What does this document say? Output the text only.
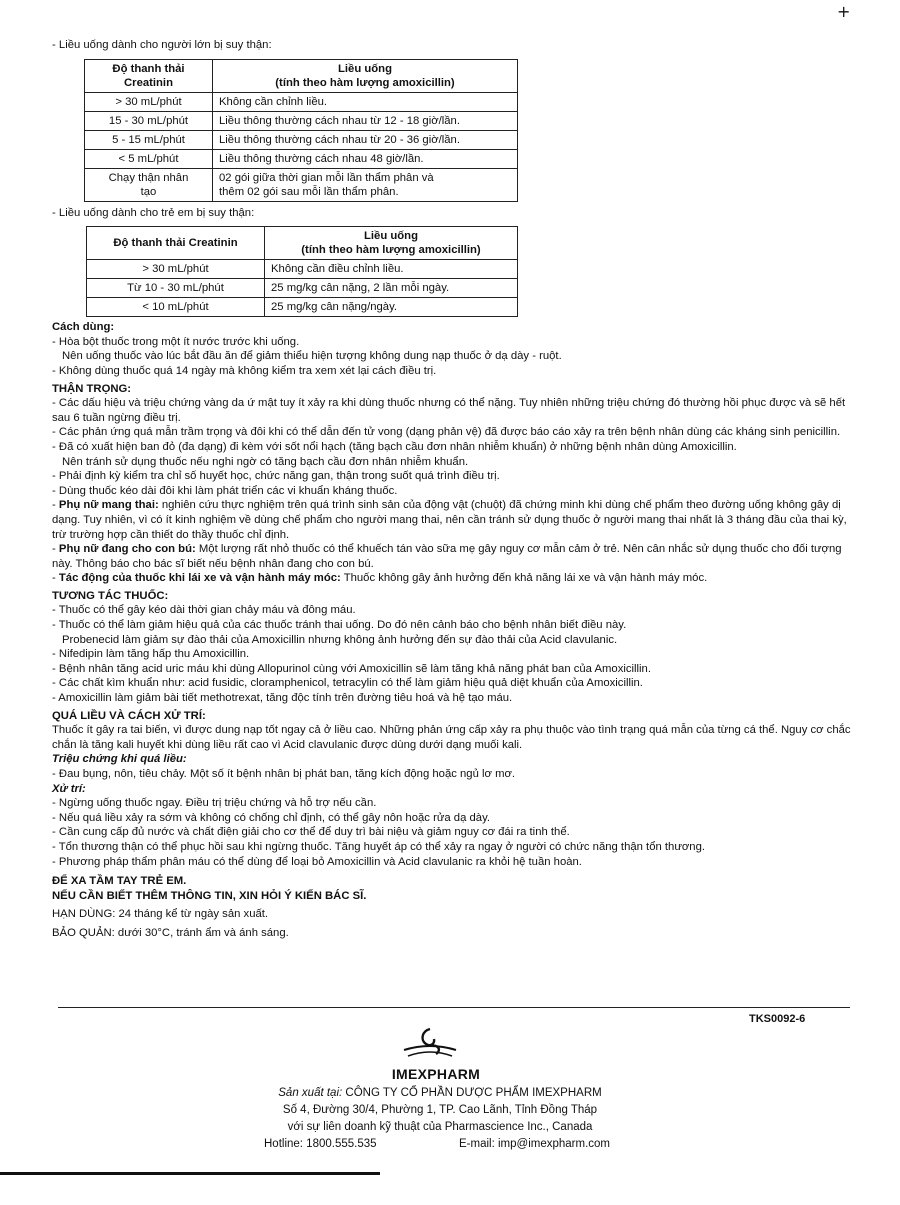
+

- Liều uống dành cho người lớn bị suy thận:

Độ thanh thải
Creatinin	Liều uống
(tính theo hàm lượng amoxicillin)
> 30 mL/phút	Không cần chỉnh liều.
15 - 30 mL/phút	Liều thông thường cách nhau từ 12 - 18 giờ/lần.
5 - 15 mL/phút	Liều thông thường cách nhau từ 20 - 36 giờ/lần.
< 5 mL/phút	Liều thông thường cách nhau 48 giờ/lần.
Chạy thận nhân
tạo	02 gói giữa thời gian mỗi lần thẩm phân và
thêm 02 gói sau mỗi lần thẩm phân.

- Liều uống dành cho trẻ em bị suy thận:

Độ thanh thải Creatinin	Liều uống
(tính theo hàm lượng amoxicillin)
> 30 mL/phút	Không cần điều chỉnh liều.
Từ 10 - 30 mL/phút	25 mg/kg cân nặng, 2 lần mỗi ngày.
< 10 mL/phút	25 mg/kg cân nặng/ngày.
Cách dùng:

- Hòa bột thuốc trong một ít nước trước khi uống.

Nên uống thuốc vào lúc bắt đầu ăn để giảm thiểu hiện tượng không dung nạp thuốc ở dạ dày - ruột.

- Không dùng thuốc quá 14 ngày mà không kiểm tra xem xét lại cách điều trị.

THẬN TRỌNG:

- Các dấu hiệu và triệu chứng vàng da ứ mật tuy ít xảy ra khi dùng thuốc nhưng có thể nặng. Tuy nhiên những triệu chứng đó thường hồi phục được và sẽ hết sau 6 tuần ngừng điều trị.

- Các phản ứng quá mẫn trầm trọng và đôi khi có thể dẫn đến tử vong (dạng phản vệ) đã được báo cáo xảy ra trên bệnh nhân dùng các kháng sinh penicillin.

- Đã có xuất hiện ban đỏ (đa dạng) đi kèm với sốt nổi hạch (tăng bạch cầu đơn nhân nhiễm khuẩn) ở những bệnh nhân dùng Amoxicillin.

Nên tránh sử dụng thuốc nếu nghi ngờ có tăng bạch cầu đơn nhân nhiễm khuẩn.

- Phải định kỳ kiểm tra chỉ số huyết học, chức năng gan, thận trong suốt quá trình điều trị.

- Dùng thuốc kéo dài đôi khi làm phát triển các vi khuẩn kháng thuốc.

- Phụ nữ mang thai: nghiên cứu thực nghiệm trên quá trình sinh sản của động vật (chuột) đã chứng minh khi dùng chế phẩm theo đường uống không gây dị dạng. Tuy nhiên, vì có ít kinh nghiệm về dùng chế phẩm cho người mang thai, nên cần tránh sử dụng thuốc ở người mang thai nhất là 3 tháng đầu của thai kỳ, trừ trường hợp cần thiết do thầy thuốc chỉ định.

- Phụ nữ đang cho con bú: Một lượng rất nhỏ thuốc có thể khuếch tán vào sữa mẹ gây nguy cơ mẫn cảm ở trẻ. Nên cân nhắc sử dụng thuốc cho đối tượng này. Thông báo cho bác sĩ biết nếu bệnh nhân đang cho con bú.

- Tác động của thuốc khi lái xe và vận hành máy móc: Thuốc không gây ảnh hưởng đến khả năng lái xe và vận hành máy móc.

TƯƠNG TÁC THUỐC:

- Thuốc có thể gây kéo dài thời gian chảy máu và đông máu.

- Thuốc có thể làm giảm hiệu quả của các thuốc tránh thai uống. Do đó nên cảnh báo cho bệnh nhân biết điều này.

Probenecid làm giảm sự đào thải của Amoxicillin nhưng không ảnh hưởng đến sự đào thải của Acid clavulanic.

- Nifedipin làm tăng hấp thu Amoxicillin.

- Bệnh nhân tăng acid uric máu khi dùng Allopurinol cùng với Amoxicillin sẽ làm tăng khả năng phát ban của Amoxicillin.

- Các chất kìm khuẩn như: acid fusidic, cloramphenicol, tetracylin có thể làm giảm hiệu quả diệt khuẩn của Amoxicillin.

- Amoxicillin làm giảm bài tiết methotrexat, tăng độc tính trên đường tiêu hoá và hệ tạo máu.

QUÁ LIỀU VÀ CÁCH XỬ TRÍ:

Thuốc ít gây ra tai biến, vì được dung nạp tốt ngay cả ở liều cao. Những phản ứng cấp xảy ra phụ thuộc vào tình trạng quá mẫn của từng cá thể. Nguy cơ chắc chắn là tăng kali huyết khi dùng liều rất cao vì Acid clavulanic được dùng dưới dạng muối kali.

Triệu chứng khi quá liều:

- Đau bụng, nôn, tiêu chảy. Một số ít bệnh nhân bị phát ban, tăng kích động hoặc ngủ lơ mơ.

Xử trí:

- Ngừng uống thuốc ngay. Điều trị triệu chứng và hỗ trợ nếu cần.

- Nếu quá liều xảy ra sớm và không có chống chỉ định, có thể gây nôn hoặc rửa dạ dày.

- Cần cung cấp đủ nước và chất điện giải cho cơ thể để duy trì bài niệu và giảm nguy cơ đái ra tinh thể.

- Tổn thương thận có thể phục hồi sau khi ngừng thuốc. Tăng huyết áp có thể xảy ra ngay ở người có chức năng thận tổn thương.

- Phương pháp thẩm phân máu có thể dùng để loại bỏ Amoxicillin và Acid clavulanic ra khỏi hệ tuần hoàn.

ĐỂ XA TẦM TAY TRẺ EM.
NẾU CẦN BIẾT THÊM THÔNG TIN, XIN HỎI Ý KIẾN BÁC SĨ.

HẠN DÙNG: 24 tháng kể từ ngày sản xuất.

BẢO QUẢN: dưới 30°C, tránh ẩm và ánh sáng.

TKS0092-6
IMEXPHARM
Sản xuất tại: CÔNG TY CỔ PHẦN DƯỢC PHẨM IMEXPHARM
Số 4, Đường 30/4, Phường 1, TP. Cao Lãnh, Tỉnh Đồng Tháp
với sự liên doanh kỹ thuật của Pharmascience Inc., Canada
Hotline: 1800.555.535	E-mail: imp@imexpharm.com
